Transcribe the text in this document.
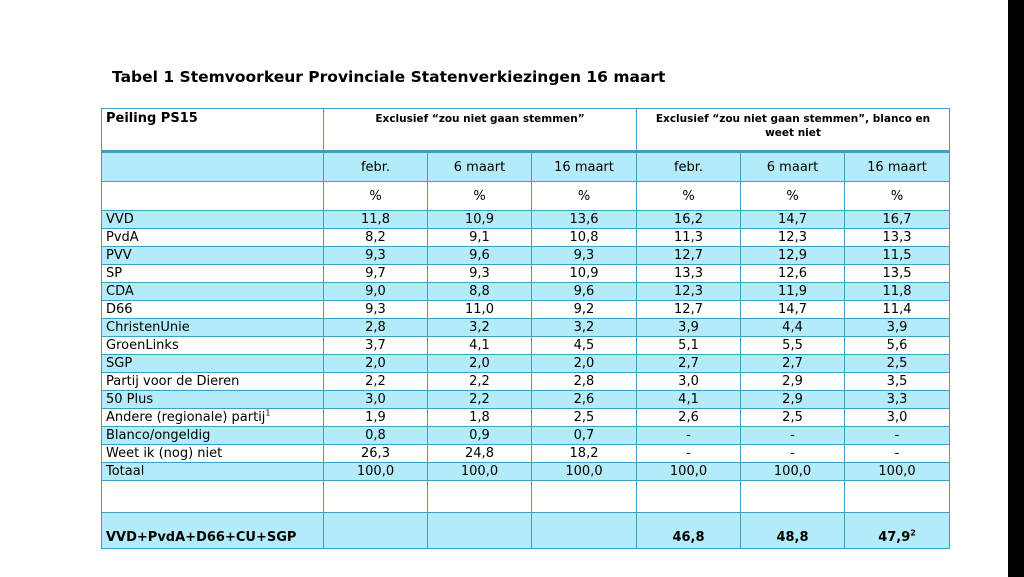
Tabel 1 Stemvoorkeur Provinciale Statenverkiezingen 16 maart
Peiling PS15	Exclusief “zou niet gaan stemmen”			Exclusief “zou niet gaan stemmen”, blanco en weet niet		
	febr.	6 maart	16 maart	febr.	6 maart	16 maart
	%	%	%	%	%	%
VVD	11,8	10,9	13,6	16,2	14,7	16,7
PvdA	8,2	9,1	10,8	11,3	12,3	13,3
PVV	9,3	9,6	9,3	12,7	12,9	11,5
SP	9,7	9,3	10,9	13,3	12,6	13,5
CDA	9,0	8,8	9,6	12,3	11,9	11,8
D66	9,3	11,0	9,2	12,7	14,7	11,4
ChristenUnie	2,8	3,2	3,2	3,9	4,4	3,9
GroenLinks	3,7	4,1	4,5	5,1	5,5	5,6
SGP	2,0	2,0	2,0	2,7	2,7	2,5
Partij voor de Dieren	2,2	2,2	2,8	3,0	2,9	3,5
50 Plus	3,0	2,2	2,6	4,1	2,9	3,3
Andere (regionale) partij$^1$	1,9	1,8	2,5	2,6	2,5	3,0
Blanco/ongeldig	0,8	0,9	0,7	-	-	-
Weet ik (nog) niet	26,3	24,8	18,2	-	-	-
Totaal	100,0	100,0	100,0	100,0	100,0	100,0

VVD+PvdA+D66+CU+SGP				46,8	48,8	47,9$^2$
